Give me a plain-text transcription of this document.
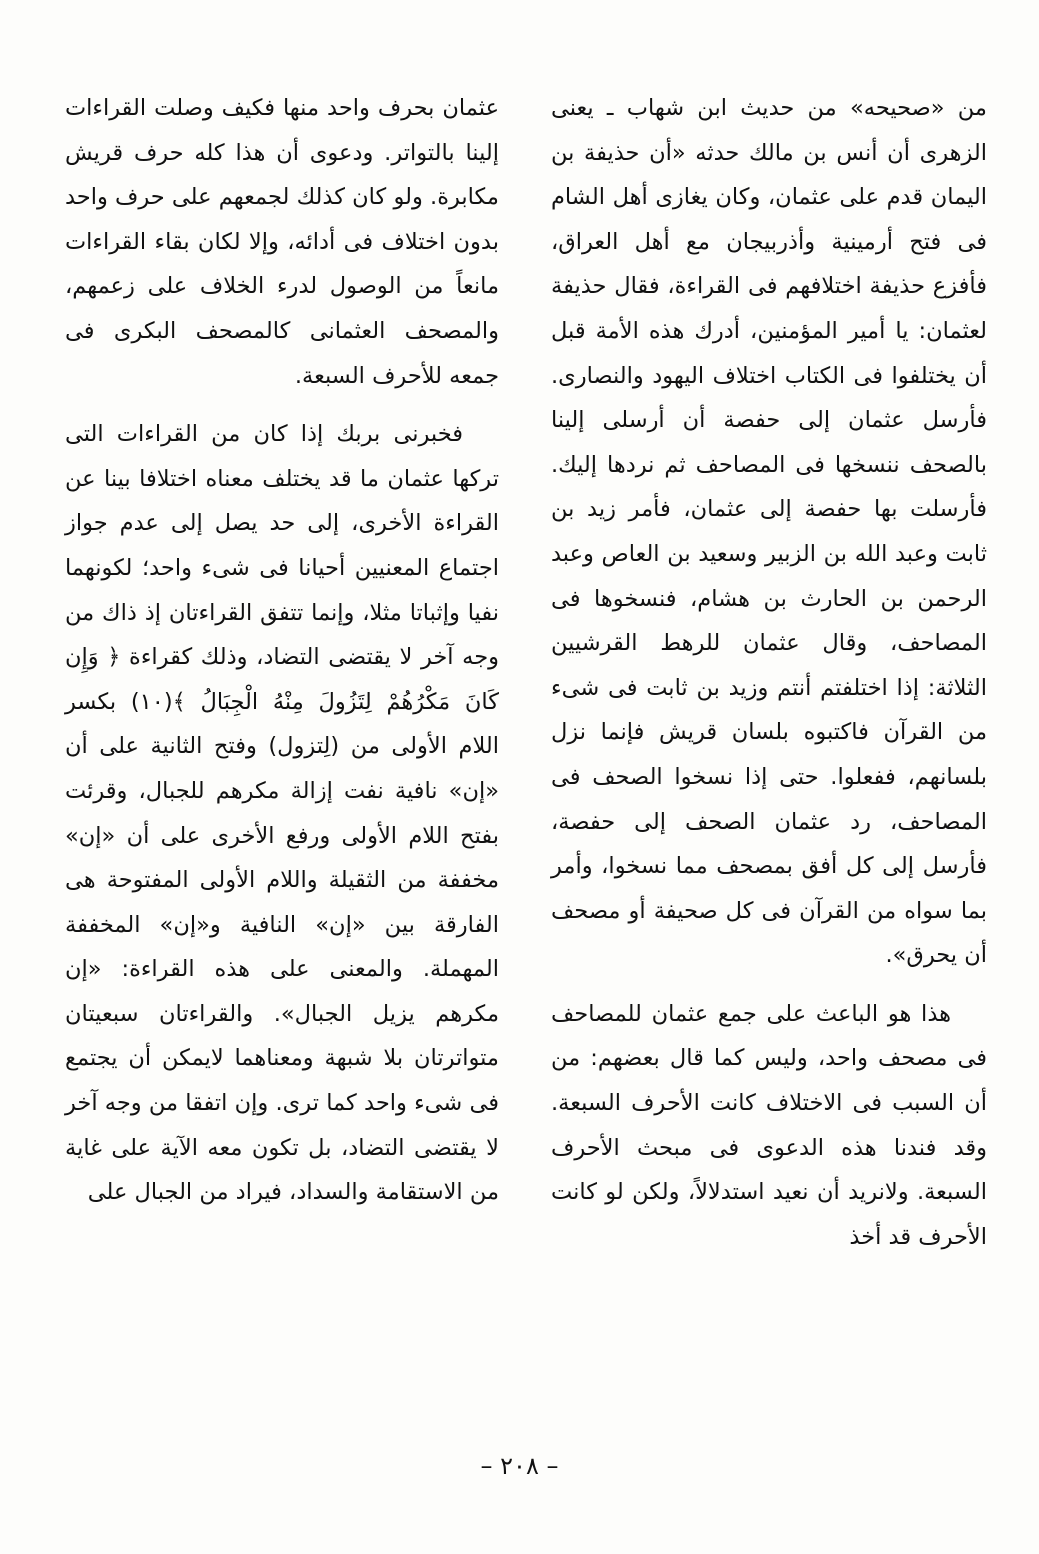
من «صحيحه» من حديث ابن شهاب ـ يعنى الزهرى أن أنس بن مالك حدثه «أن حذيفة بن اليمان قدم على عثمان، وكان يغازى أهل الشام فى فتح أرمينية وأذربيجان مع أهل العراق، فأفزع حذيفة اختلافهم فى القراءة، فقال حذيفة لعثمان: يا أمير المؤمنين، أدرك هذه الأمة قبل أن يختلفوا فى الكتاب اختلاف اليهود والنصارى. فأرسل عثمان إلى حفصة أن أرسلى إلينا بالصحف ننسخها فى المصاحف ثم نردها إليك. فأرسلت بها حفصة إلى عثمان، فأمر زيد بن ثابت وعبد الله بن الزبير وسعيد بن العاص وعبد الرحمن بن الحارث بن هشام، فنسخوها فى المصاحف، وقال عثمان للرهط القرشيين الثلاثة: إذا اختلفتم أنتم وزيد بن ثابت فى شىء من القرآن فاكتبوه بلسان قريش فإنما نزل بلسانهم، ففعلوا. حتى إذا نسخوا الصحف فى المصاحف، رد عثمان الصحف إلى حفصة، فأرسل إلى كل أفق بمصحف مما نسخوا، وأمر بما سواه من القرآن فى كل صحيفة أو مصحف أن يحرق».

هذا هو الباعث على جمع عثمان للمصاحف فى مصحف واحد، وليس كما قال بعضهم: من أن السبب فى الاختلاف كانت الأحرف السبعة. وقد فندنا هذه الدعوى فى مبحث الأحرف السبعة. ولانريد أن نعيد استدلالاً، ولكن لو كانت الأحرف قد أخذ

عثمان بحرف واحد منها فكيف وصلت القراءات إلينا بالتواتر. ودعوى أن هذا كله حرف قريش مكابرة. ولو كان كذلك لجمعهم على حرف واحد بدون اختلاف فى أدائه، وإلا لكان بقاء القراءات مانعاً من الوصول لدرء الخلاف على زعمهم، والمصحف العثمانى كالمصحف البكرى فى جمعه للأحرف السبعة.

فخبرنى بربك إذا كان من القراءات التى تركها عثمان ما قد يختلف معناه اختلافا بينا عن القراءة الأخرى، إلى حد يصل إلى عدم جواز اجتماع المعنيين أحيانا فى شىء واحد؛ لكونهما نفيا وإثباتا مثلا، وإنما تتفق القراءتان إذ ذاك من وجه آخر لا يقتضى التضاد، وذلك كقراءة ﴿ وَإِن كَانَ مَكْرُهُمْ لِتَزُولَ مِنْهُ الْجِبَالُ ﴾(١٠) بكسر اللام الأولى من (لِتزول) وفتح الثانية على أن «إن» نافية نفت إزالة مكرهم للجبال، وقرئت بفتح اللام الأولى ورفع الأخرى على أن «إن» مخففة من الثقيلة واللام الأولى المفتوحة هى الفارقة بين «إن» النافية و«إن» المخففة المهملة. والمعنى على هذه القراءة: «إن مكرهم يزيل الجبال». والقراءتان سبعيتان متواترتان بلا شبهة ومعناهما لايمكن أن يجتمع فى شىء واحد كما ترى. وإن اتفقا من وجه آخر لا يقتضى التضاد، بل تكون معه الآية على غاية من الاستقامة والسداد، فيراد من الجبال على

– ٢٠٨ –
